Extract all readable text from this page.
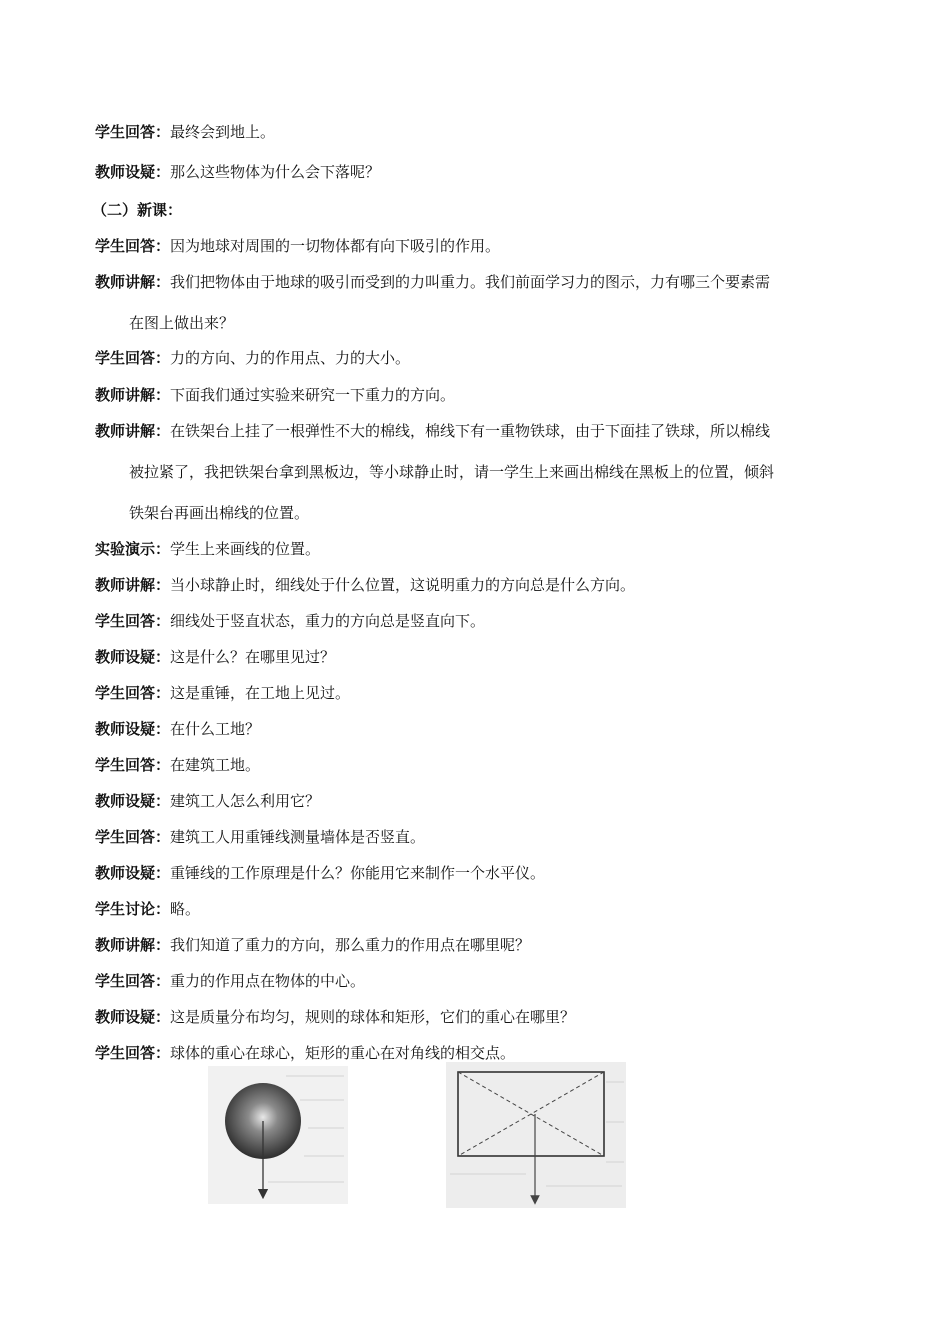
学生回答：最终会到地上。
教师设疑：那么这些物体为什么会下落呢？
（二）新课：
学生回答：因为地球对周围的一切物体都有向下吸引的作用。
教师讲解：我们把物体由于地球的吸引而受到的力叫重力。我们前面学习力的图示，力有哪三个要素需
在图上做出来？
学生回答：力的方向、力的作用点、力的大小。
教师讲解：下面我们通过实验来研究一下重力的方向。
教师讲解：在铁架台上挂了一根弹性不大的棉线，棉线下有一重物铁球，由于下面挂了铁球，所以棉线
被拉紧了，我把铁架台拿到黑板边，等小球静止时，请一学生上来画出棉线在黑板上的位置，倾斜
铁架台再画出棉线的位置。
实验演示：学生上来画线的位置。
教师讲解：当小球静止时，细线处于什么位置，这说明重力的方向总是什么方向。
学生回答：细线处于竖直状态，重力的方向总是竖直向下。
教师设疑：这是什么？在哪里见过？
学生回答：这是重锤，在工地上见过。
教师设疑：在什么工地？
学生回答：在建筑工地。
教师设疑：建筑工人怎么利用它？
学生回答：建筑工人用重锤线测量墙体是否竖直。
教师设疑：重锤线的工作原理是什么？你能用它来制作一个水平仪。
学生讨论：略。
教师讲解：我们知道了重力的方向，那么重力的作用点在哪里呢？
学生回答：重力的作用点在物体的中心。
教师设疑：这是质量分布均匀，规则的球体和矩形，它们的重心在哪里？
学生回答：球体的重心在球心，矩形的重心在对角线的相交点。
